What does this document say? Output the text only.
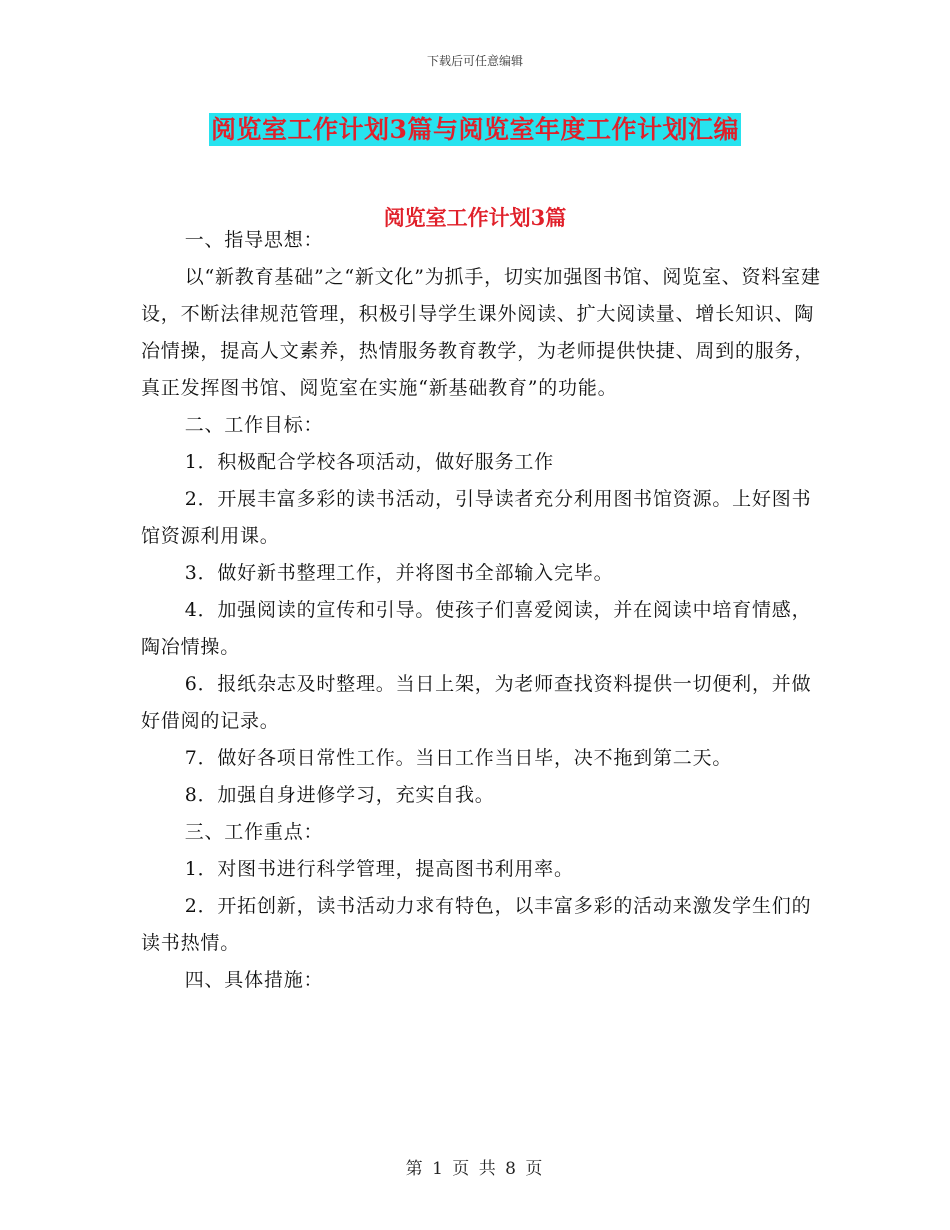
下载后可任意编辑
阅览室工作计划3篇与阅览室年度工作计划汇编
阅览室工作计划3篇

一、指导思想：

以“新教育基础”之“新文化”为抓手，切实加强图书馆、阅览室、资料室建设，不断法律规范管理，积极引导学生课外阅读、扩大阅读量、增长知识、陶冶情操，提高人文素养，热情服务教育教学，为老师提供快捷、周到的服务，真正发挥图书馆、阅览室在实施“新基础教育”的功能。

二、工作目标：

1．积极配合学校各项活动，做好服务工作

2．开展丰富多彩的读书活动，引导读者充分利用图书馆资源。上好图书馆资源利用课。

3．做好新书整理工作，并将图书全部输入完毕。

4．加强阅读的宣传和引导。使孩子们喜爱阅读，并在阅读中培育情感，陶冶情操。

6．报纸杂志及时整理。当日上架，为老师查找资料提供一切便利，并做好借阅的记录。

7．做好各项日常性工作。当日工作当日毕，决不拖到第二天。

8．加强自身进修学习，充实自我。

三、工作重点：

1．对图书进行科学管理，提高图书利用率。

2．开拓创新，读书活动力求有特色，以丰富多彩的活动来激发学生们的读书热情。

四、具体措施：

第 1 页 共 8 页
